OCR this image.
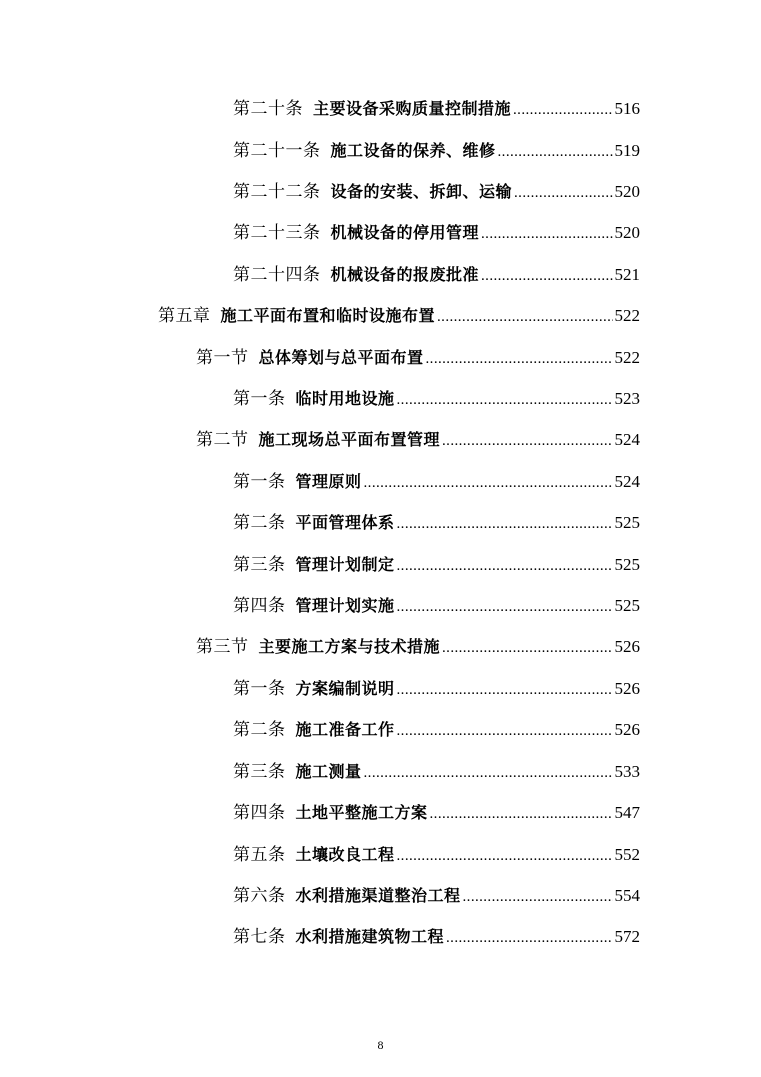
第二十条 主要设备采购质量控制措施 .....	516
第二十一条 施工设备的保养、维修 .....	519
第二十二条 设备的安装、拆卸、运输 .....	520
第二十三条 机械设备的停用管理 .....	520
第二十四条 机械设备的报废批准 .....	521
第五章 施工平面布置和临时设施布置 .....	522
第一节 总体筹划与总平面布置 .....	522
第一条 临时用地设施 .....	523
第二节 施工现场总平面布置管理 .....	524
第一条 管理原则 .....	524
第二条 平面管理体系 .....	525
第三条 管理计划制定 .....	525
第四条 管理计划实施 .....	525
第三节 主要施工方案与技术措施 .....	526
第一条 方案编制说明 .....	526
第二条 施工准备工作 .....	526
第三条 施工测量 .....	533
第四条 土地平整施工方案 .....	547
第五条 土壤改良工程 .....	552
第六条 水利措施渠道整治工程 .....	554
第七条 水利措施建筑物工程 .....	572
8
